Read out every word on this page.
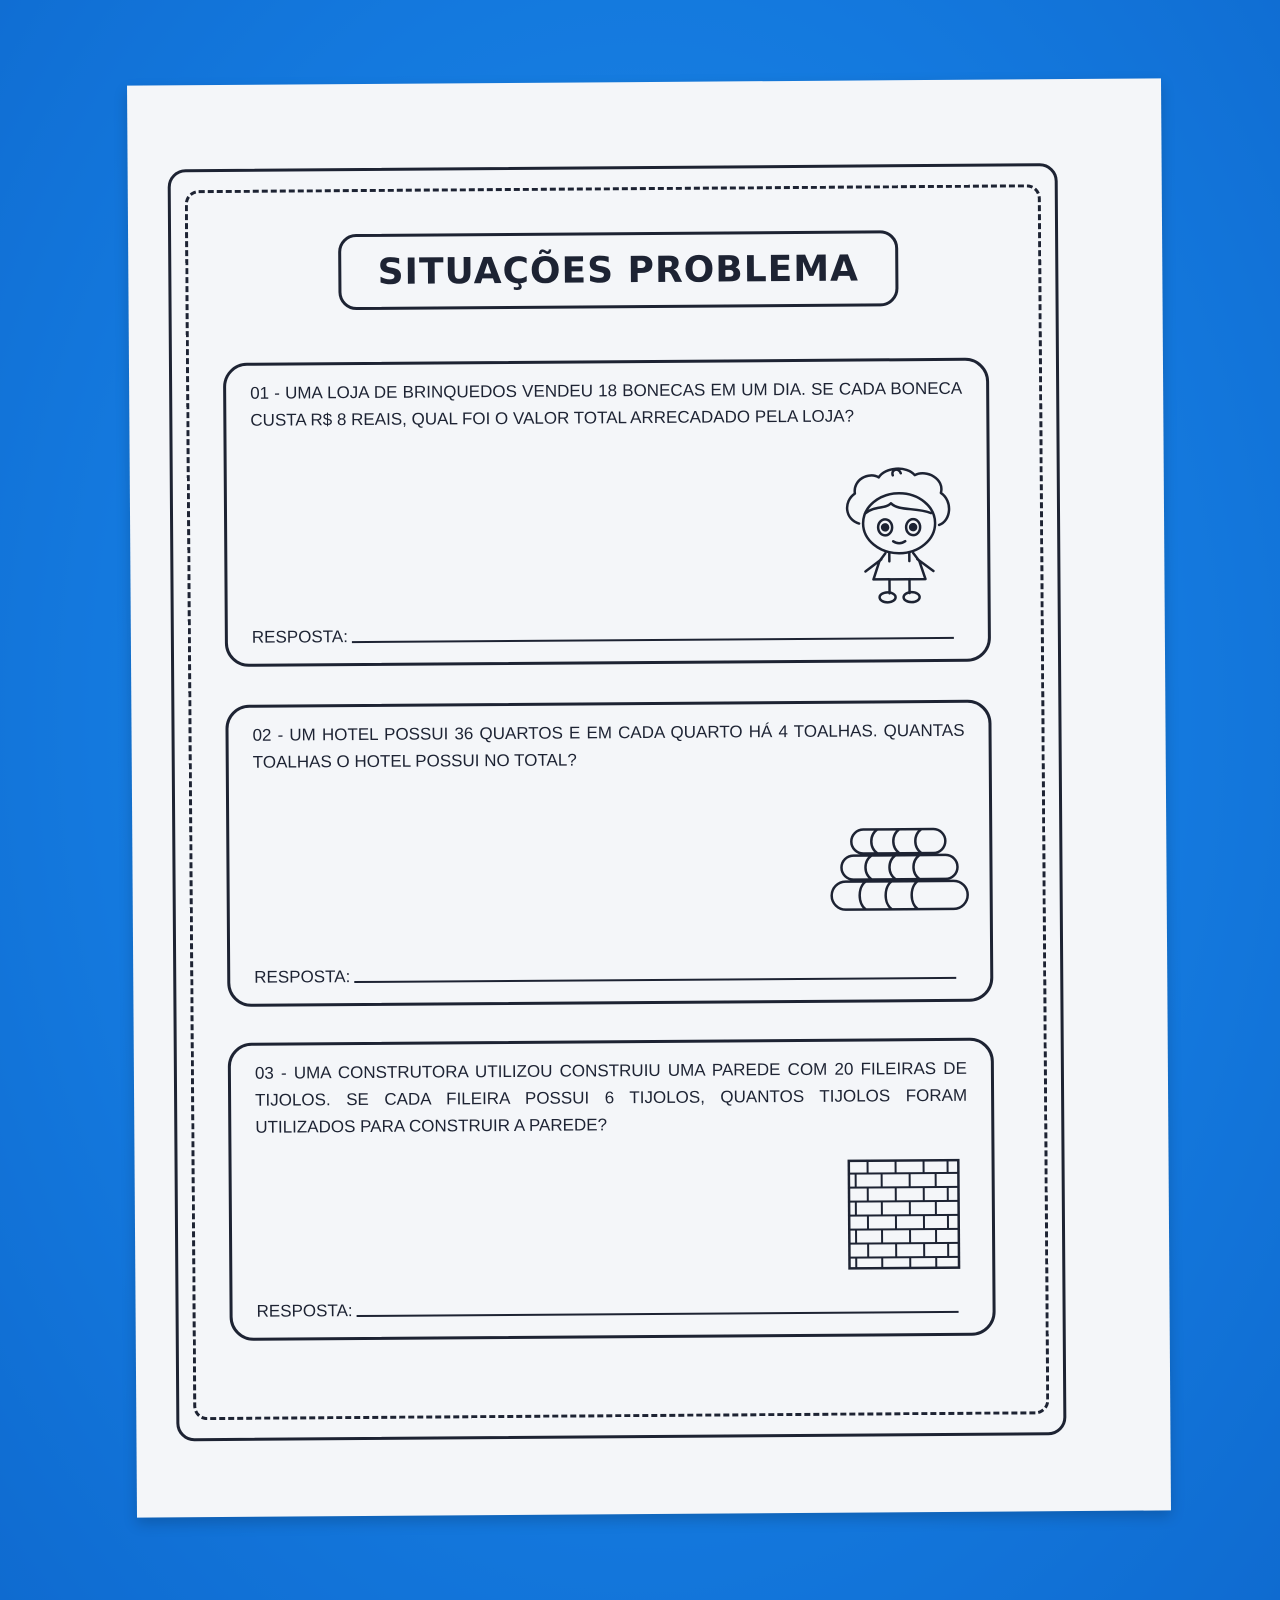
SITUAÇÕES PROBLEMA
01 - UMA LOJA DE BRINQUEDOS VENDEU 18 BONECAS EM UM DIA. SE CADA BONECA CUSTA R$ 8 REAIS, QUAL FOI O VALOR TOTAL ARRECADADO PELA LOJA?
RESPOSTA:
02 - UM HOTEL POSSUI 36 QUARTOS E EM CADA QUARTO HÁ 4 TOALHAS. QUANTAS TOALHAS O HOTEL POSSUI NO TOTAL?
RESPOSTA:
03 - UMA CONSTRUTORA UTILIZOU CONSTRUIU UMA PAREDE COM 20 FILEIRAS DE TIJOLOS. SE CADA FILEIRA POSSUI 6 TIJOLOS, QUANTOS TIJOLOS FORAM UTILIZADOS PARA CONSTRUIR A PAREDE?
RESPOSTA:
